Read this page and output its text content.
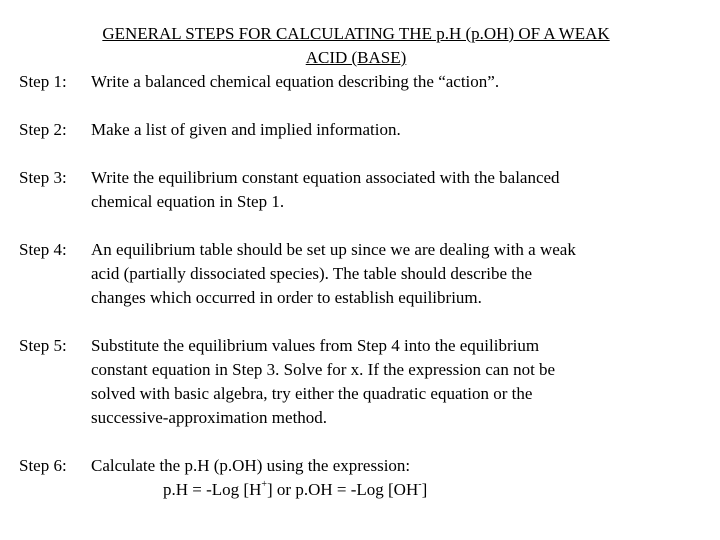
GENERAL STEPS FOR CALCULATING THE p.H (p.OH) OF A WEAK
ACID (BASE)
Step 1:	Write a balanced chemical equation describing the “action”.
Step 2:	Make a list of given and implied information.
Step 3:	Write the equilibrium constant equation associated with the balanced
chemical equation in Step 1.
Step 4:	An equilibrium table should be set up since we are dealing with a weak
acid (partially dissociated species). The table should describe the
changes which occurred in order to establish equilibrium.
Step 5:	Substitute the equilibrium values from Step 4 into the equilibrium
constant equation in Step 3. Solve for x. If the expression can not be
solved with basic algebra, try either the quadratic equation or the
successive-approximation method.
Step 6:	Calculate the p.H (p.OH) using the expression:
p.H = -Log [H+] or p.OH = -Log [OH-]
